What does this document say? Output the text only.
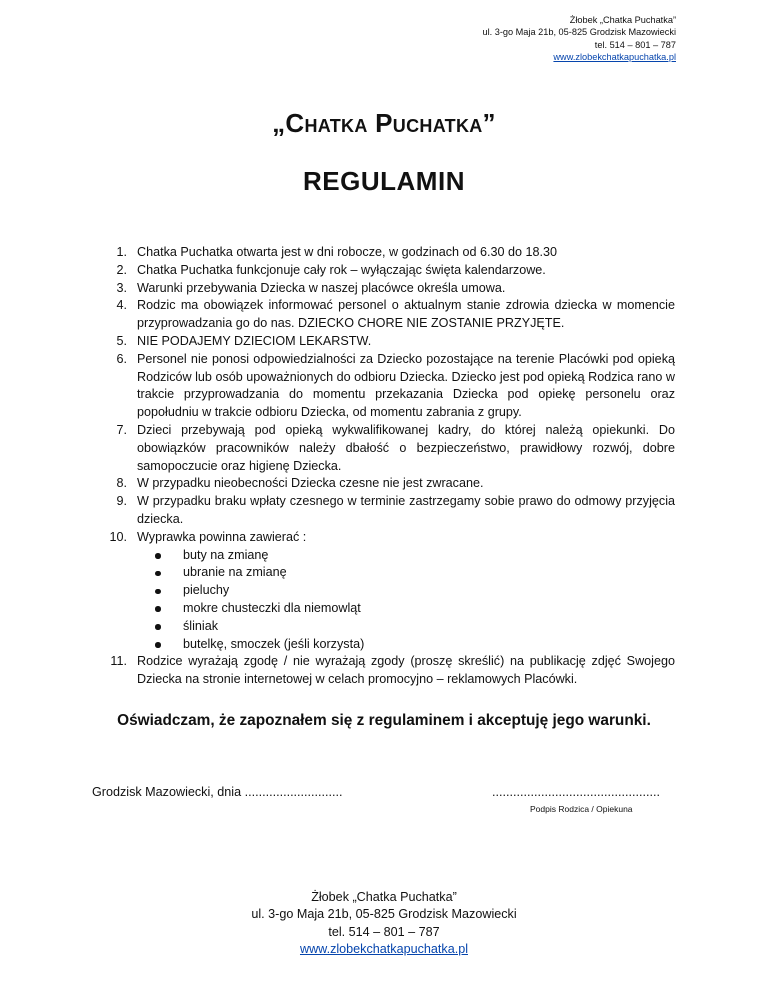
Żłobek „Chatka Puchatka”
ul. 3-go Maja 21b, 05-825 Grodzisk Mazowiecki
tel. 514 – 801 – 787
www.zlobekchatkapuchatka.pl
„Chatka Puchatka”
REGULAMIN
1. Chatka Puchatka otwarta jest w dni robocze, w godzinach od 6.30 do 18.30
2. Chatka Puchatka funkcjonuje cały rok – wyłączając święta kalendarzowe.
3. Warunki przebywania Dziecka w naszej placówce określa umowa.
4. Rodzic ma obowiązek informować personel o aktualnym stanie zdrowia dziecka w momencie przyprowadzania go do nas. DZIECKO CHORE NIE ZOSTANIE PRZYJĘTE.
5. NIE PODAJEMY DZIECIOM LEKARSTW.
6. Personel nie ponosi odpowiedzialności za Dziecko pozostające na terenie Placówki pod opieką Rodziców lub osób upoważnionych do odbioru Dziecka. Dziecko jest pod opieką Rodzica rano w trakcie przyprowadzania do momentu przekazania Dziecka pod opiekę personelu oraz popołudniu w trakcie odbioru Dziecka, od momentu zabrania z grupy.
7. Dzieci przebywają pod opieką wykwalifikowanej kadry, do której należą opiekunki. Do obowiązków pracowników należy dbałość o bezpieczeństwo, prawidłowy rozwój, dobre samopoczucie oraz higienę Dziecka.
8. W przypadku nieobecności Dziecka czesne nie jest zwracane.
9. W przypadku braku wpłaty czesnego w terminie zastrzegamy sobie prawo do odmowy przyjęcia dziecka.
10. Wyprawka powinna zawierać :
buty na zmianę
ubranie na zmianę
pieluchy
mokre chusteczki dla niemowląt
śliniak
butelkę, smoczek (jeśli korzysta)
11. Rodzice wyrażają zgodę / nie wyrażają zgody (proszę skreślić) na publikację zdjęć Swojego Dziecka na stronie internetowej w celach promocyjno – reklamowych Placówki.
Oświadczam, że zapoznałem się z regulaminem i akceptuję jego warunki.
Grodzisk Mazowiecki, dnia ............................	................................................
Podpis Rodzica / Opiekuna
Żłobek „Chatka Puchatka”
ul. 3-go Maja 21b, 05-825 Grodzisk Mazowiecki
tel. 514 – 801 – 787
www.zlobekchatkapuchatka.pl
